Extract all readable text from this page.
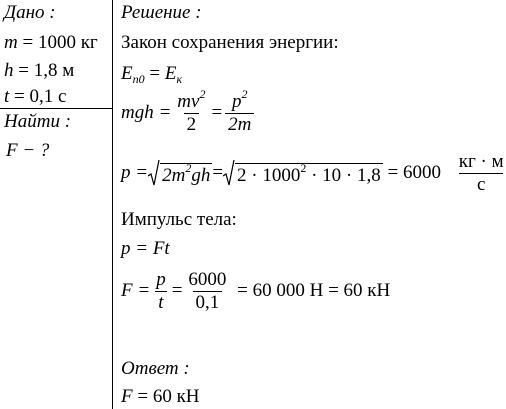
Дано :
m = 1000 кг
h = 1,8 м
t = 0,1 с
Найти :
F − ?
Решение :
Закон сохранения энергии:
$E_{п0} = E_к$
mgh = $\frac{mv^2}{2} = \frac{p^2}{2m}$
$p = 2m^2gh = 2 \cdot 1000^2 \cdot 10 \cdot 1,8 = 6000 \frac{кг \cdot м}{с}$
Импульс тела:
p = Ft
$F = \frac{p}{t} = \frac{6000}{0,1} = 60$ 000 Н = 60 кН
Ответ :
F = 60 кН
